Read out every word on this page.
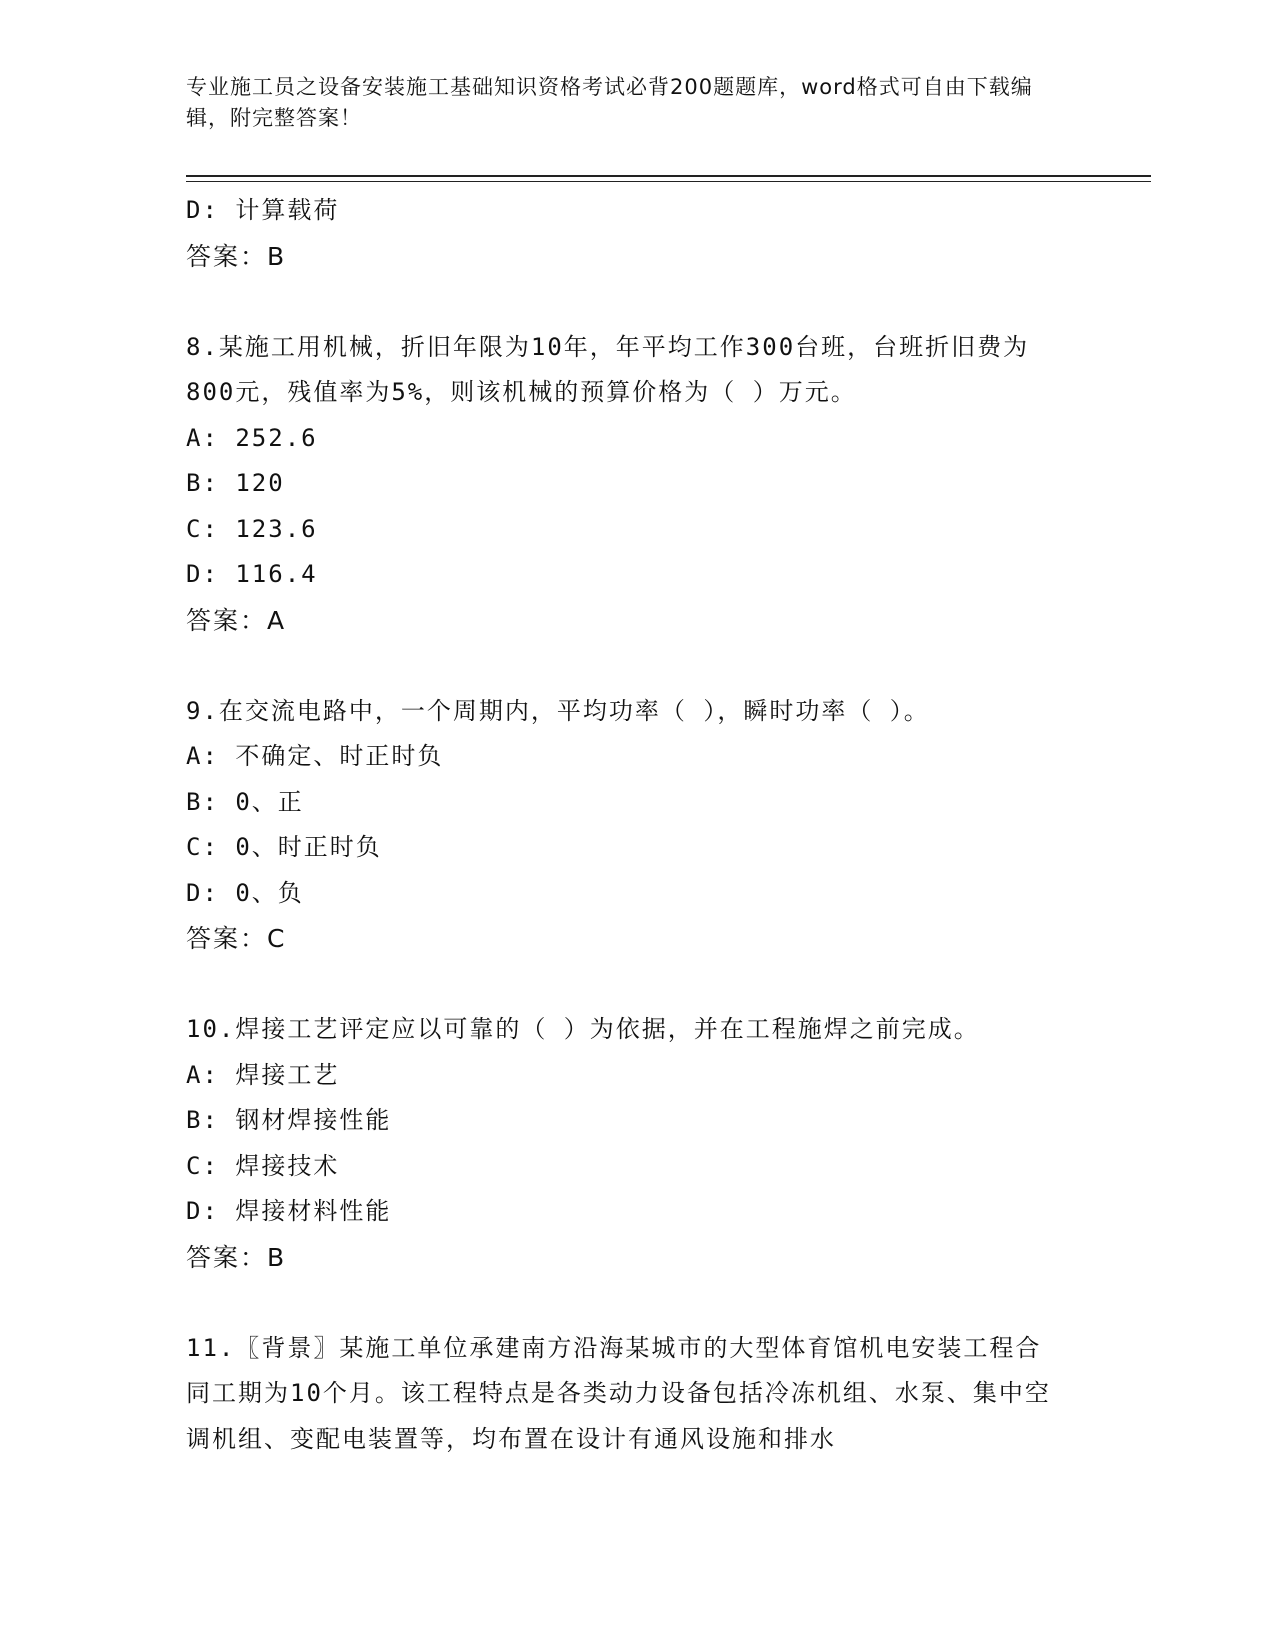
专业施工员之设备安装施工基础知识资格考试必背200题题库，word格式可自由下载编辑，附完整答案！
D: 计算载荷
答案：B
8.某施工用机械，折旧年限为10年，年平均工作300台班，台班折旧费为800元，残值率为5%，则该机械的预算价格为（ ）万元。
A: 252.6
B: 120
C: 123.6
D: 116.4
答案：A
9.在交流电路中，一个周期内，平均功率（ ），瞬时功率（ ）。
A: 不确定、时正时负
B: 0、正
C: 0、时正时负
D: 0、负
答案：C
10.焊接工艺评定应以可靠的（ ）为依据，并在工程施焊之前完成。
A: 焊接工艺
B: 钢材焊接性能
C: 焊接技术
D: 焊接材料性能
答案：B
11.〖背景〗某施工单位承建南方沿海某城市的大型体育馆机电安装工程合同工期为10个月。该工程特点是各类动力设备包括冷冻机组、水泵、集中空调机组、变配电装置等，均布置在设计有通风设施和排水
